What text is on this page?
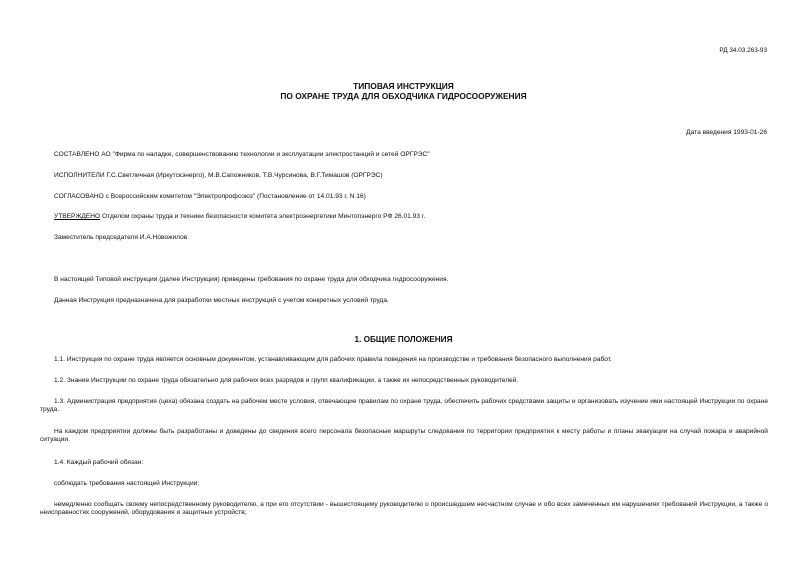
РД 34.03.263-93

ТИПОВАЯ ИНСТРУКЦИЯ
ПО ОХРАНЕ ТРУДА ДЛЯ ОБХОДЧИКА ГИДРОСООРУЖЕНИЯ

Дата введения 1993-01-26

СОСТАВЛЕНО АО "Фирма по наладке, совершенствованию технологии и эксплуатации электростанций и сетей ОРГРЭС"

ИСПОЛНИТЕЛИ Г.С.Светличная (Иркутскэнерго), М.В.Сапожников, Т.В.Чурсинова, В.Г.Тимашов (ОРГРЭС)

СОГЛАСОВАНО с Всероссийским комитетом "Электропрофсоюз" (Постановление от 14.01.93 г. N 16)

УТВЕРЖДЕНО Отделом охраны труда и техники безопасности комитета электроэнергетики Минтопэнерго РФ 26.01.93 г.

Заместитель председателя И.А.Новожилов

В настоящей Типовой инструкции (далее Инструкция) приведены требования по охране труда для обходчика гидросооружения.

Данная Инструкция предназначена для разработки местных инструкций с учетом конкретных условий труда.

1. ОБЩИЕ ПОЛОЖЕНИЯ

1.1. Инструкция по охране труда является основным документом, устанавливающим для рабочих правила поведения на производстве и требования безопасного выполнения работ.

1.2. Знание Инструкции по охране труда обязательно для рабочих всех разрядов и групп квалификации, а также их непосредственных руководителей.

1.3. Администрация предприятия (цеха) обязана создать на рабочем месте условия, отвечающие правилам по охране труда, обеспечить рабочих средствами защиты и организовать изучение ими настоящей Инструкции по охране труда.

На каждом предприятии должны быть разработаны и доведены до сведения всего персонала безопасные маршруты следования по территории предприятия к месту работы и планы эвакуации на случай пожара и аварийной ситуации.

1.4. Каждый рабочий обязан:

соблюдать требования настоящей Инструкции;

немедленно сообщать своему непосредственному руководителю, а при его отсутствии - вышестоящему руководителю о происшедшем несчастном случае и обо всех замеченных им нарушениях требований Инструкции, а также о неисправностях сооружений, оборудования и защитных устройств;
